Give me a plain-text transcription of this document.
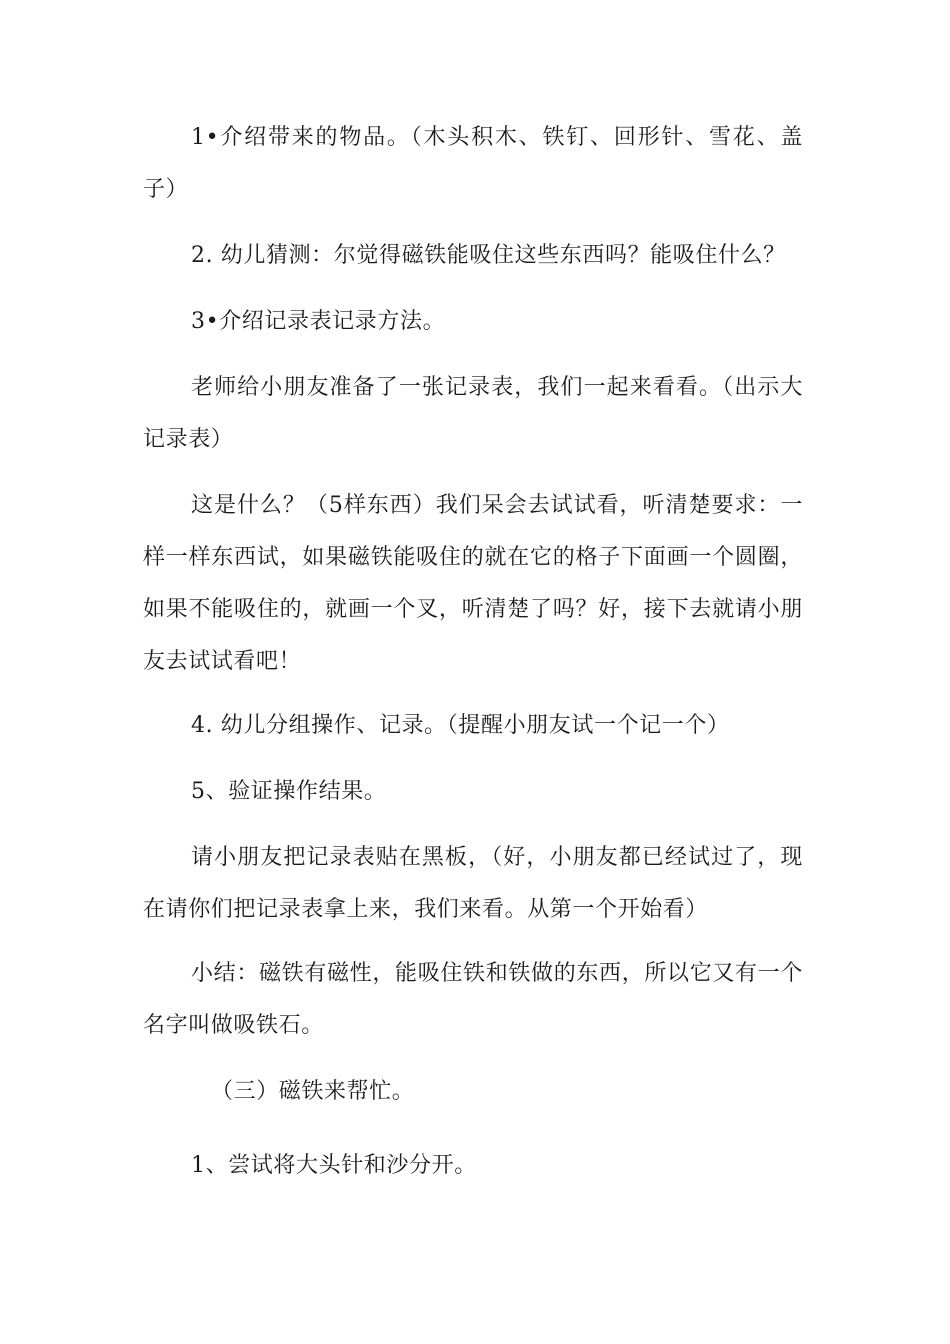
1•介绍带来的物品。（木头积木、铁钉、回形针、雪花、盖子）

2. 幼儿猜测：尔觉得磁铁能吸住这些东西吗？能吸住什么？

3•介绍记录表记录方法。

老师给小朋友准备了一张记录表，我们一起来看看。（出示大记录表）

这是什么？（5样东西）我们呆会去试试看，听清楚要求：一样一样东西试，如果磁铁能吸住的就在它的格子下面画一个圆圈，如果不能吸住的，就画一个叉，听清楚了吗？好，接下去就请小朋友去试试看吧！

4. 幼儿分组操作、记录。（提醒小朋友试一个记一个）

5、验证操作结果。

请小朋友把记录表贴在黑板，（好，小朋友都已经试过了，现在请你们把记录表拿上来，我们来看。从第一个开始看）

小结：磁铁有磁性，能吸住铁和铁做的东西，所以它又有一个名字叫做吸铁石。

（三）磁铁来帮忙。

1、尝试将大头针和沙分开。
